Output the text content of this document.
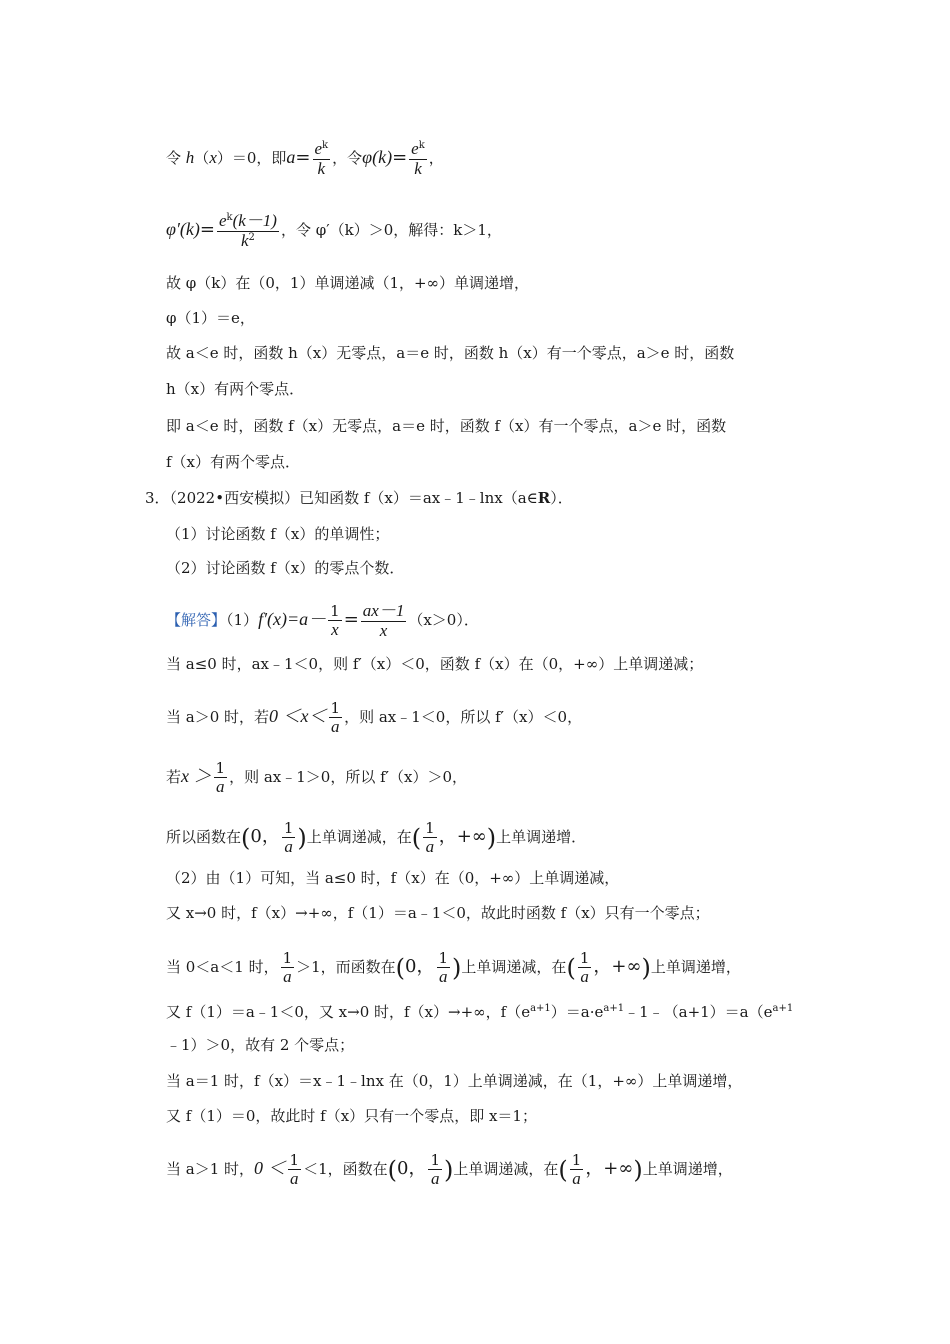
令 h（x）＝0，即$a= \frac{e^k}{k}$ ，令$\varphi(k)= \frac{e^k}{k}$ ，
$\varphi'(k)= \frac{e^k(k-1)}{k^2}$ ，令 φ′（k）＞0，解得：k＞1，
故 φ（k）在（0，1）单调递减（1，+∞）单调递增，
φ（1）＝e，
故 a＜e 时，函数 h（x）无零点，a＝e 时，函数 h（x）有一个零点，a＞e 时，函数
h（x）有两个零点．
即 a＜e 时，函数 f（x）无零点，a＝e 时，函数 f（x）有一个零点，a＞e 时，函数
f（x）有两个零点．
3．（2022•西安模拟）已知函数 f（x）＝ax﹣1﹣lnx（a∈R）．
（1）讨论函数 f（x）的单调性；
（2）讨论函数 f（x）的零点个数．
【解答】$(1)f'(x)=a- \frac{1}{x} = \frac{ax-1}{x} (x>0)$．
当 a≤0 时，ax﹣1＜0，则 f′（x）＜0，函数 f（x）在（0，+∞）上单调递减；
当 a＞0 时，若$0 <x< \frac{1}{a}$ ，则 ax﹣1＜0，所以 f′（x）＜0，
若$x > \frac{1}{a}$ ，则 ax﹣1＞0，所以 f′（x）＞0，
所以函数在(0， $\frac{1}{a}$ )上单调递减，在( $\frac{1}{a}$ ，+∞)上单调递增．
（2）由（1）可知，当 a≤0 时，f（x）在（0，+∞）上单调递减，
又 x→0 时，f（x）→+∞，f（1）＝a﹣1＜0，故此时函数 f（x）只有一个零点；
当 0＜a＜1 时， $\frac{1}{a} >1$，而函数在(0， $\frac{1}{a}$ )上单调递减，在( $\frac{1}{a}$ ，+∞)上单调递增，
又 f（1）＝a﹣1＜0，又 x→0 时，f（x）→+∞，$f(e^{a+1})=a\cdot e^{a+1}﹣1﹣(a+1)=a(e^{a+1}$
﹣1）＞0，故有 2 个零点；
当 a＝1 时，f（x）＝x﹣1﹣lnx 在（0，1）上单调递减，在（1，+∞）上单调递增，
又 f（1）＝0，故此时 f（x）只有一个零点，即 x＝1；
当 a＞1 时，$0 < \frac{1}{a} <1$，函数在(0， $\frac{1}{a}$ )上单调递减，在( $\frac{1}{a}$ ，+∞)上单调递增，
